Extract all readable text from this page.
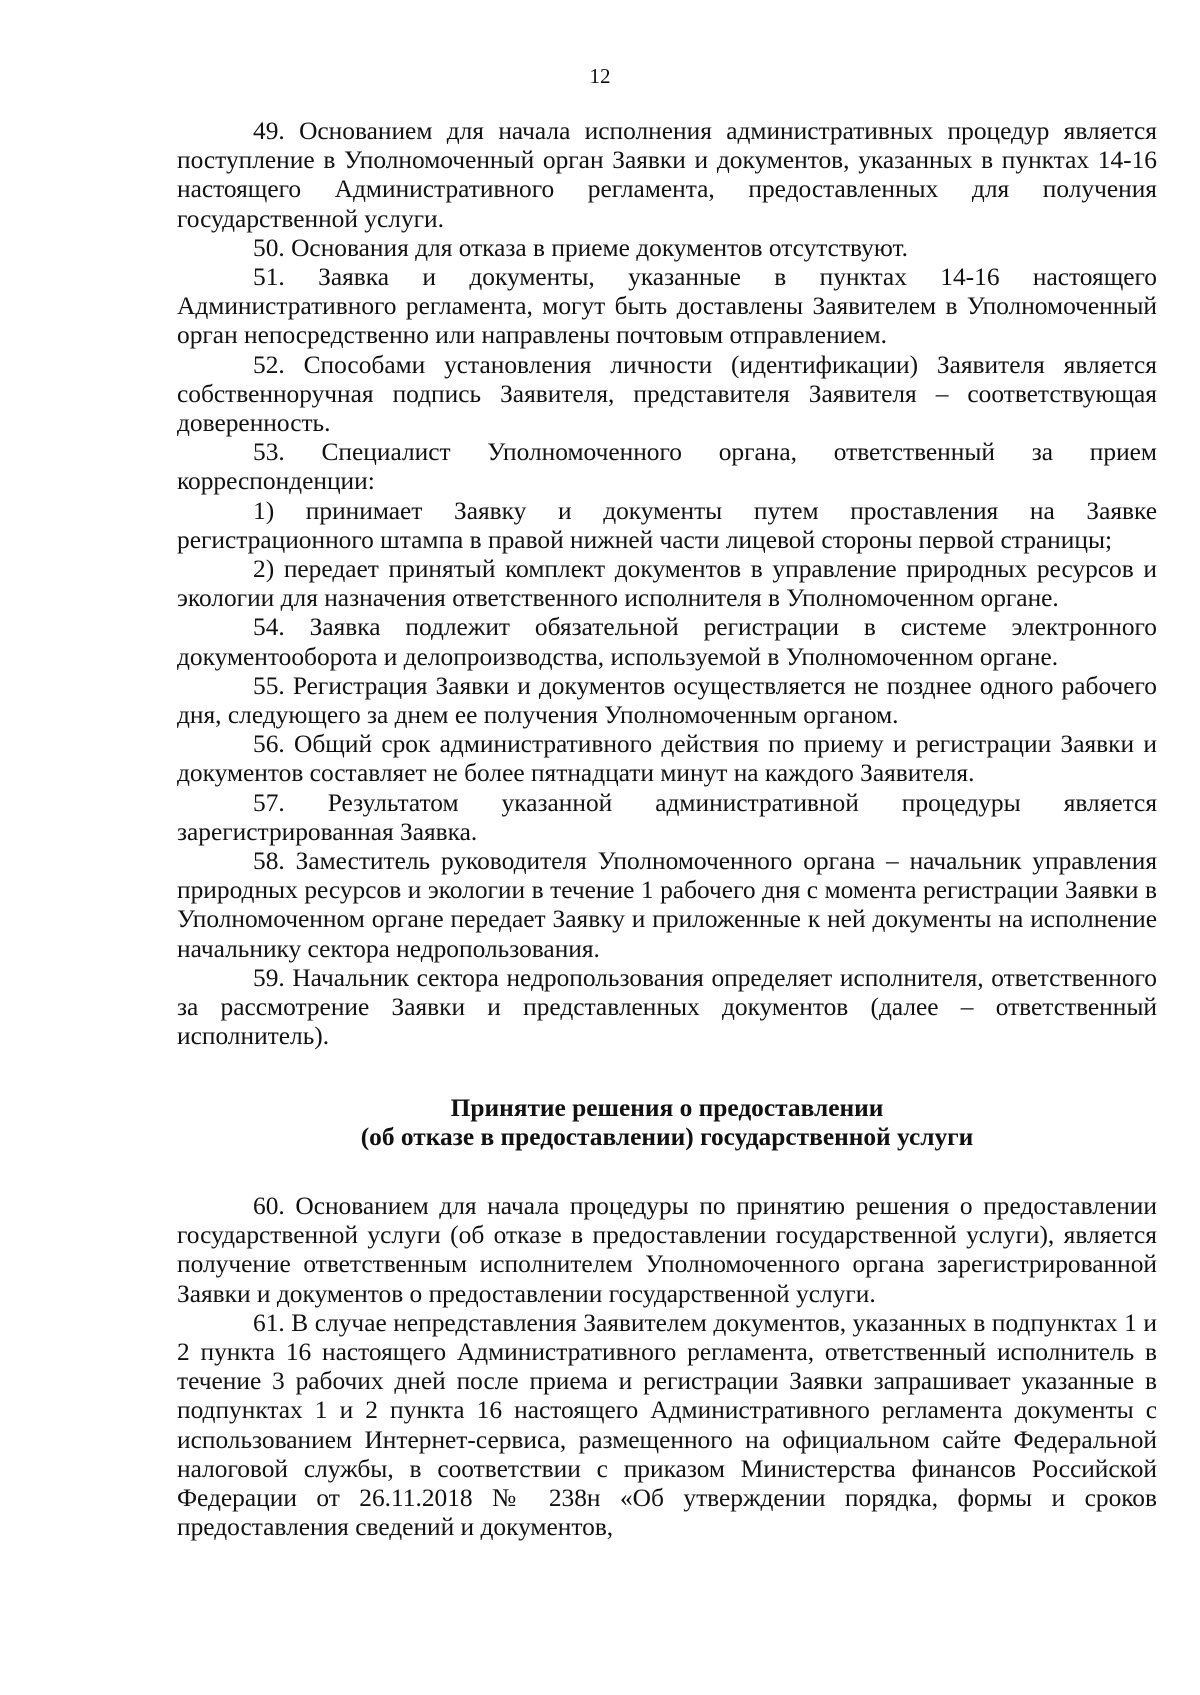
12

49. Основанием для начала исполнения административных процедур является поступление в Уполномоченный орган Заявки и документов, указанных в пунктах 14-16 настоящего Административного регламента, предоставленных для получения государственной услуги.

50. Основания для отказа в приеме документов отсутствуют.

51. Заявка и документы, указанные в пунктах 14-16 настоящего Административного регламента, могут быть доставлены Заявителем в Уполномоченный орган непосредственно или направлены почтовым отправлением.

52. Способами установления личности (идентификации) Заявителя является собственноручная подпись Заявителя, представителя Заявителя – соответствующая доверенность.

53. Специалист Уполномоченного органа, ответственный за прием корреспонденции:

1) принимает Заявку и документы путем проставления на Заявке регистрационного штампа в правой нижней части лицевой стороны первой страницы;

2) передает принятый комплект документов в управление природных ресурсов и экологии для назначения ответственного исполнителя в Уполномоченном органе.

54. Заявка подлежит обязательной регистрации в системе электронного документооборота и делопроизводства, используемой в Уполномоченном органе.

55. Регистрация Заявки и документов осуществляется не позднее одного рабочего дня, следующего за днем ее получения Уполномоченным органом.

56. Общий срок административного действия по приему и регистрации Заявки и документов составляет не более пятнадцати минут на каждого Заявителя.

57. Результатом указанной административной процедуры является зарегистрированная Заявка.

58. Заместитель руководителя Уполномоченного органа – начальник управления природных ресурсов и экологии в течение 1 рабочего дня с момента регистрации Заявки в Уполномоченном органе передает Заявку и приложенные к ней документы на исполнение начальнику сектора недропользования.

59. Начальник сектора недропользования определяет исполнителя, ответственного за рассмотрение Заявки и представленных документов (далее – ответственный исполнитель).

Принятие решения о предоставлении
(об отказе в предоставлении) государственной услуги

60. Основанием для начала процедуры по принятию решения о предоставлении государственной услуги (об отказе в предоставлении государственной услуги), является получение ответственным исполнителем Уполномоченного органа зарегистрированной Заявки и документов о предоставлении государственной услуги.

61. В случае непредставления Заявителем документов, указанных в подпунктах 1 и 2 пункта 16 настоящего Административного регламента, ответственный исполнитель в течение 3 рабочих дней после приема и регистрации Заявки запрашивает указанные в подпунктах 1 и 2 пункта 16 настоящего Административного регламента документы с использованием Интернет-сервиса, размещенного на официальном сайте Федеральной налоговой службы, в соответствии с приказом Министерства финансов Российской Федерации от 26.11.2018 № 238н «Об утверждении порядка, формы и сроков предоставления сведений и документов,
